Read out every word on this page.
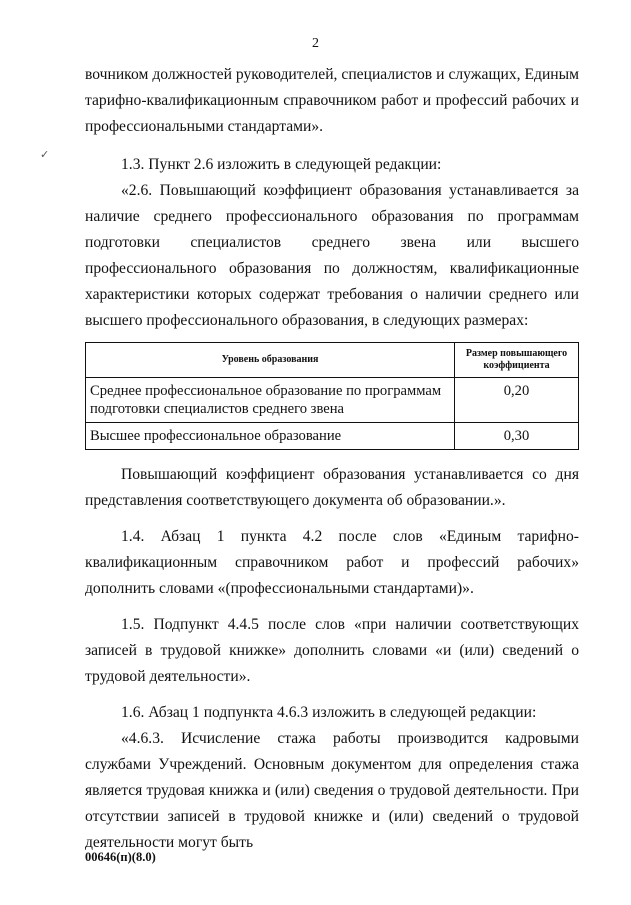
2
✓

вочником должностей руководителей, специалистов и служащих, Единым тарифно-квалификационным справочником работ и профессий рабочих и профессиональными стандартами».

1.3. Пункт 2.6 изложить в следующей редакции:

«2.6. Повышающий коэффициент образования устанавливается за наличие среднего профессионального образования по программам подготовки специалистов среднего звена или высшего профессионального образования по должностям, квалификационные характеристики которых содержат требования о наличии среднего или высшего профессионального образования, в следующих размерах:

Уровень образования	Размер повышающего коэффициента
Среднее профессиональное образование по программам подготовки специалистов среднего звена	0,20
Высшее профессиональное образование	0,30

Повышающий коэффициент образования устанавливается со дня представления соответствующего документа об образовании.».

1.4. Абзац 1 пункта 4.2 после слов «Единым тарифно-квалификационным справочником работ и профессий рабочих» дополнить словами «(профессиональными стандартами)».

1.5. Подпункт 4.4.5 после слов «при наличии соответствующих записей в трудовой книжке» дополнить словами «и (или) сведений о трудовой деятельности».

1.6. Абзац 1 подпункта 4.6.3 изложить в следующей редакции:

«4.6.3. Исчисление стажа работы производится кадровыми службами Учреждений. Основным документом для определения стажа является трудовая книжка и (или) сведения о трудовой деятельности. При отсутствии записей в трудовой книжке и (или) сведений о трудовой деятельности могут быть

00646(п)(8.0)
